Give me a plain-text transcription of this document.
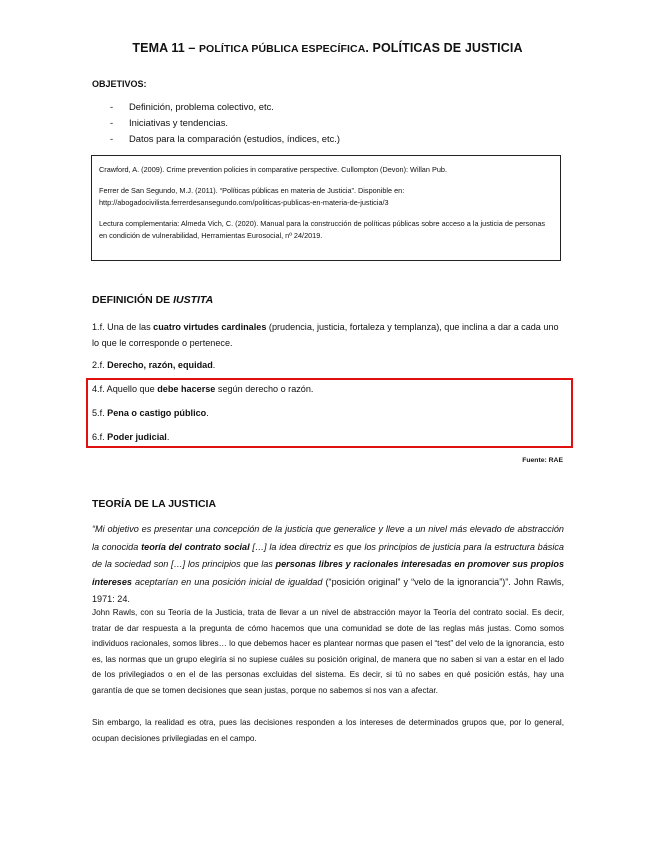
TEMA 11 – POLÍTICA PÚBLICA ESPECÍFICA. POLÍTICAS DE JUSTICIA
OBJETIVOS:
- Definición, problema colectivo, etc.
- Iniciativas y tendencias.
- Datos para la comparación (estudios, índices, etc.)

Crawford, A. (2009). Crime prevention policies in comparative perspective. Cullompton (Devon): Willan Pub.

Ferrer de San Segundo, M.J. (2011). “Políticas públicas en materia de Justicia”. Disponible en: http://abogadocivilista.ferrerdesansegundo.com/politicas-publicas-en-materia-de-justicia/3

Lectura complementaria: Almeda Vich, C. (2020). Manual para la construcción de políticas públicas sobre acceso a la justicia de personas en condición de vulnerabilidad, Herramientas Eurosocial, nº 24/2019.

DEFINICIÓN DE IUSTITA
1.f. Una de las cuatro virtudes cardinales (prudencia, justicia, fortaleza y templanza), que inclina a dar a cada uno lo que le corresponde o pertenece.
2.f. Derecho, razón, equidad.
4.f. Aquello que debe hacerse según derecho o razón.
5.f. Pena o castigo público.
6.f. Poder judicial.
Fuente: RAE
TEORÍA DE LA JUSTICIA
“Mi objetivo es presentar una concepción de la justicia que generalice y lleve a un nivel más elevado de abstracción la conocida teoría del contrato social […] la idea directriz es que los principios de justicia para la estructura básica de la sociedad son […] los principios que las personas libres y racionales interesadas en promover sus propios intereses aceptarían en una posición inicial de igualdad (“posición original” y “velo de la ignorancia”)”. John Rawls, 1971: 24.
John Rawls, con su Teoría de la Justicia, trata de llevar a un nivel de abstracción mayor la Teoría del contrato social. Es decir, tratar de dar respuesta a la pregunta de cómo hacemos que una comunidad se dote de las reglas más justas. Como somos individuos racionales, somos libres… lo que debemos hacer es plantear normas que pasen el “test” del velo de la ignorancia, esto es, las normas que un grupo elegiría si no supiese cuáles su posición original, de manera que no saben si van a estar en el lado de los privilegiados o en el de las personas excluidas del sistema. Es decir, si tú no sabes en qué posición estás, hay una garantía de que se tomen decisiones que sean justas, porque no sabemos si nos van a afectar.
Sin embargo, la realidad es otra, pues las decisiones responden a los intereses de determinados grupos que, por lo general, ocupan decisiones privilegiadas en el campo.
